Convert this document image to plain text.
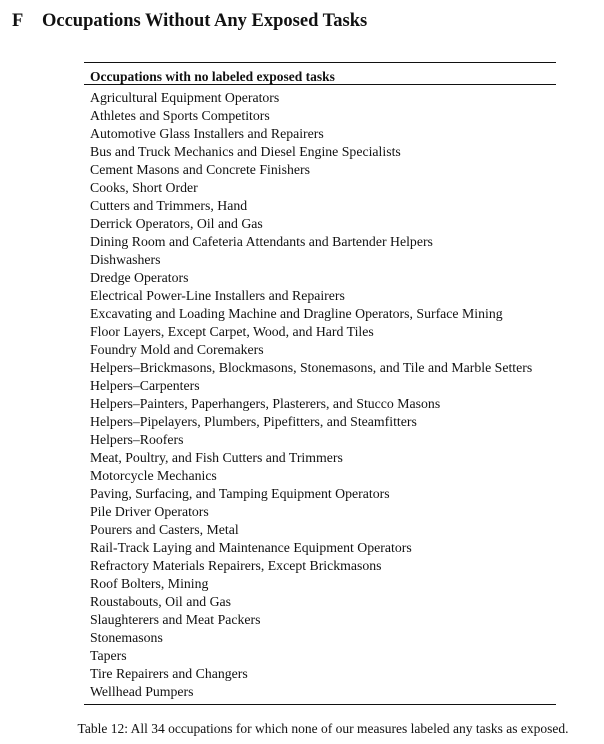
F Occupations Without Any Exposed Tasks
Occupations with no labeled exposed tasks
Agricultural Equipment Operators
Athletes and Sports Competitors
Automotive Glass Installers and Repairers
Bus and Truck Mechanics and Diesel Engine Specialists
Cement Masons and Concrete Finishers
Cooks, Short Order
Cutters and Trimmers, Hand
Derrick Operators, Oil and Gas
Dining Room and Cafeteria Attendants and Bartender Helpers
Dishwashers
Dredge Operators
Electrical Power-Line Installers and Repairers
Excavating and Loading Machine and Dragline Operators, Surface Mining
Floor Layers, Except Carpet, Wood, and Hard Tiles
Foundry Mold and Coremakers
Helpers–Brickmasons, Blockmasons, Stonemasons, and Tile and Marble Setters
Helpers–Carpenters
Helpers–Painters, Paperhangers, Plasterers, and Stucco Masons
Helpers–Pipelayers, Plumbers, Pipefitters, and Steamfitters
Helpers–Roofers
Meat, Poultry, and Fish Cutters and Trimmers
Motorcycle Mechanics
Paving, Surfacing, and Tamping Equipment Operators
Pile Driver Operators
Pourers and Casters, Metal
Rail-Track Laying and Maintenance Equipment Operators
Refractory Materials Repairers, Except Brickmasons
Roof Bolters, Mining
Roustabouts, Oil and Gas
Slaughterers and Meat Packers
Stonemasons
Tapers
Tire Repairers and Changers
Wellhead Pumpers
Table 12: All 34 occupations for which none of our measures labeled any tasks as exposed.
